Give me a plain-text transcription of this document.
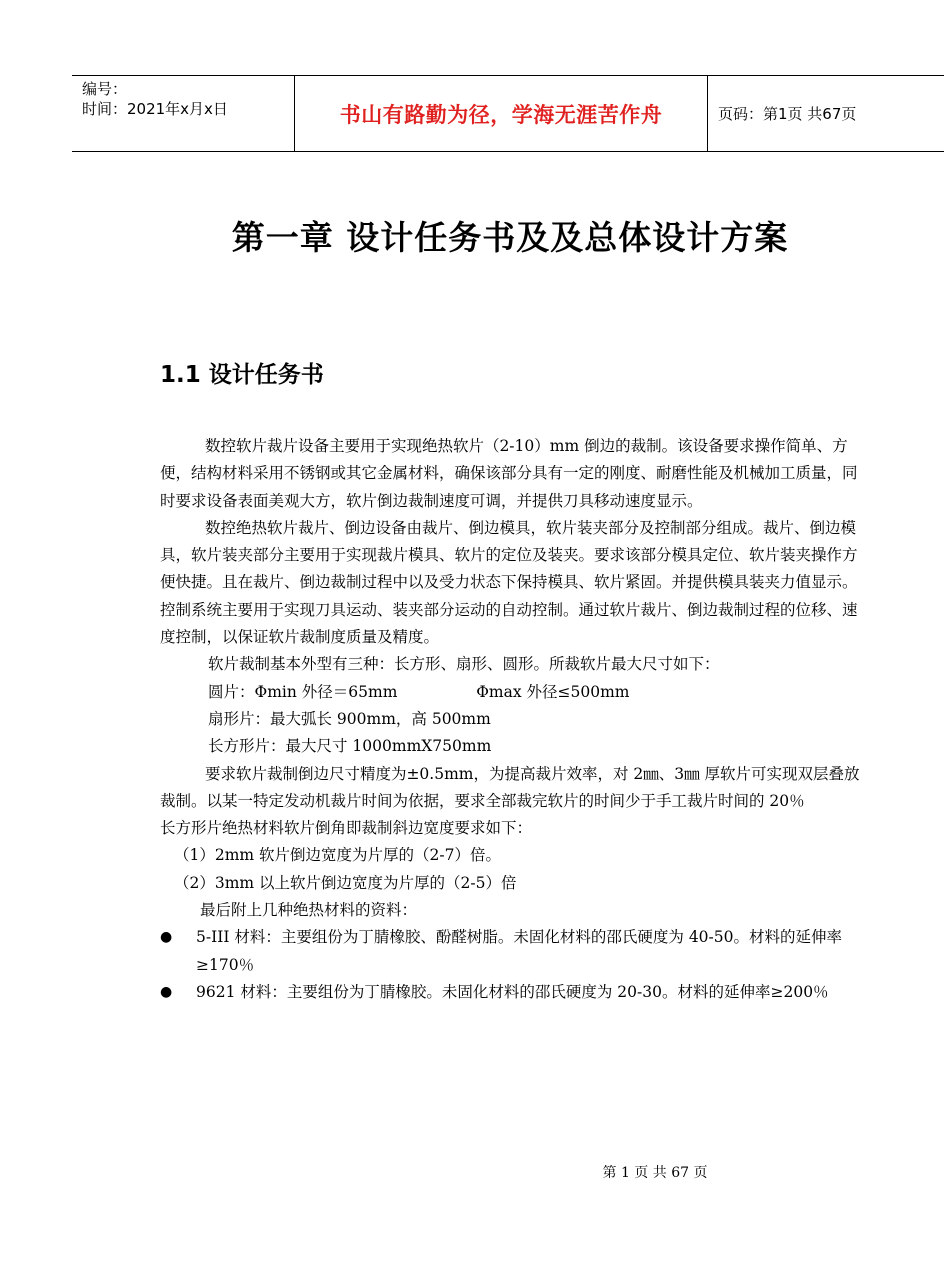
编号：
时间：2021年x月x日	书山有路勤为径，学海无涯苦作舟	页码：第1页 共67页
第一章 设计任务书及及总体设计方案
1.1 设计任务书

数控软片裁片设备主要用于实现绝热软片（2-10）mm 倒边的裁制。该设备要求操作简单、方便，结构材料采用不锈钢或其它金属材料，确保该部分具有一定的刚度、耐磨性能及机械加工质量，同时要求设备表面美观大方，软片倒边裁制速度可调，并提供刀具移动速度显示。

数控绝热软片裁片、倒边设备由裁片、倒边模具，软片装夹部分及控制部分组成。裁片、倒边模具，软片装夹部分主要用于实现裁片模具、软片的定位及装夹。要求该部分模具定位、软片装夹操作方便快捷。且在裁片、倒边裁制过程中以及受力状态下保持模具、软片紧固。并提供模具装夹力值显示。控制系统主要用于实现刀具运动、装夹部分运动的自动控制。通过软片裁片、倒边裁制过程的位移、速度控制，以保证软片裁制度质量及精度。

软片裁制基本外型有三种：长方形、扇形、圆形。所裁软片最大尺寸如下：

圆片：Φmin 外径＝65mm                Φmax 外径≤500mm

扇形片：最大弧长 900mm，高 500mm

长方形片：最大尺寸 1000mmX750mm

要求软片裁制倒边尺寸精度为±0.5mm，为提高裁片效率，对 2㎜、3㎜ 厚软片可实现双层叠放裁制。以某一特定发动机裁片时间为依据，要求全部裁完软片的时间少于手工裁片时间的 20％

长方形片绝热材料软片倒角即裁制斜边宽度要求如下：

（1）2mm 软片倒边宽度为片厚的（2-7）倍。

（2）3mm 以上软片倒边宽度为片厚的（2-5）倍

最后附上几种绝热材料的资料：

●	5-III 材料：主要组份为丁腈橡胶、酚醛树脂。未固化材料的邵氏硬度为 40-50。材料的延伸率≥170％
●	9621 材料：主要组份为丁腈橡胶。未固化材料的邵氏硬度为 20-30。材料的延伸率≥200％
第 1 页 共 67 页
